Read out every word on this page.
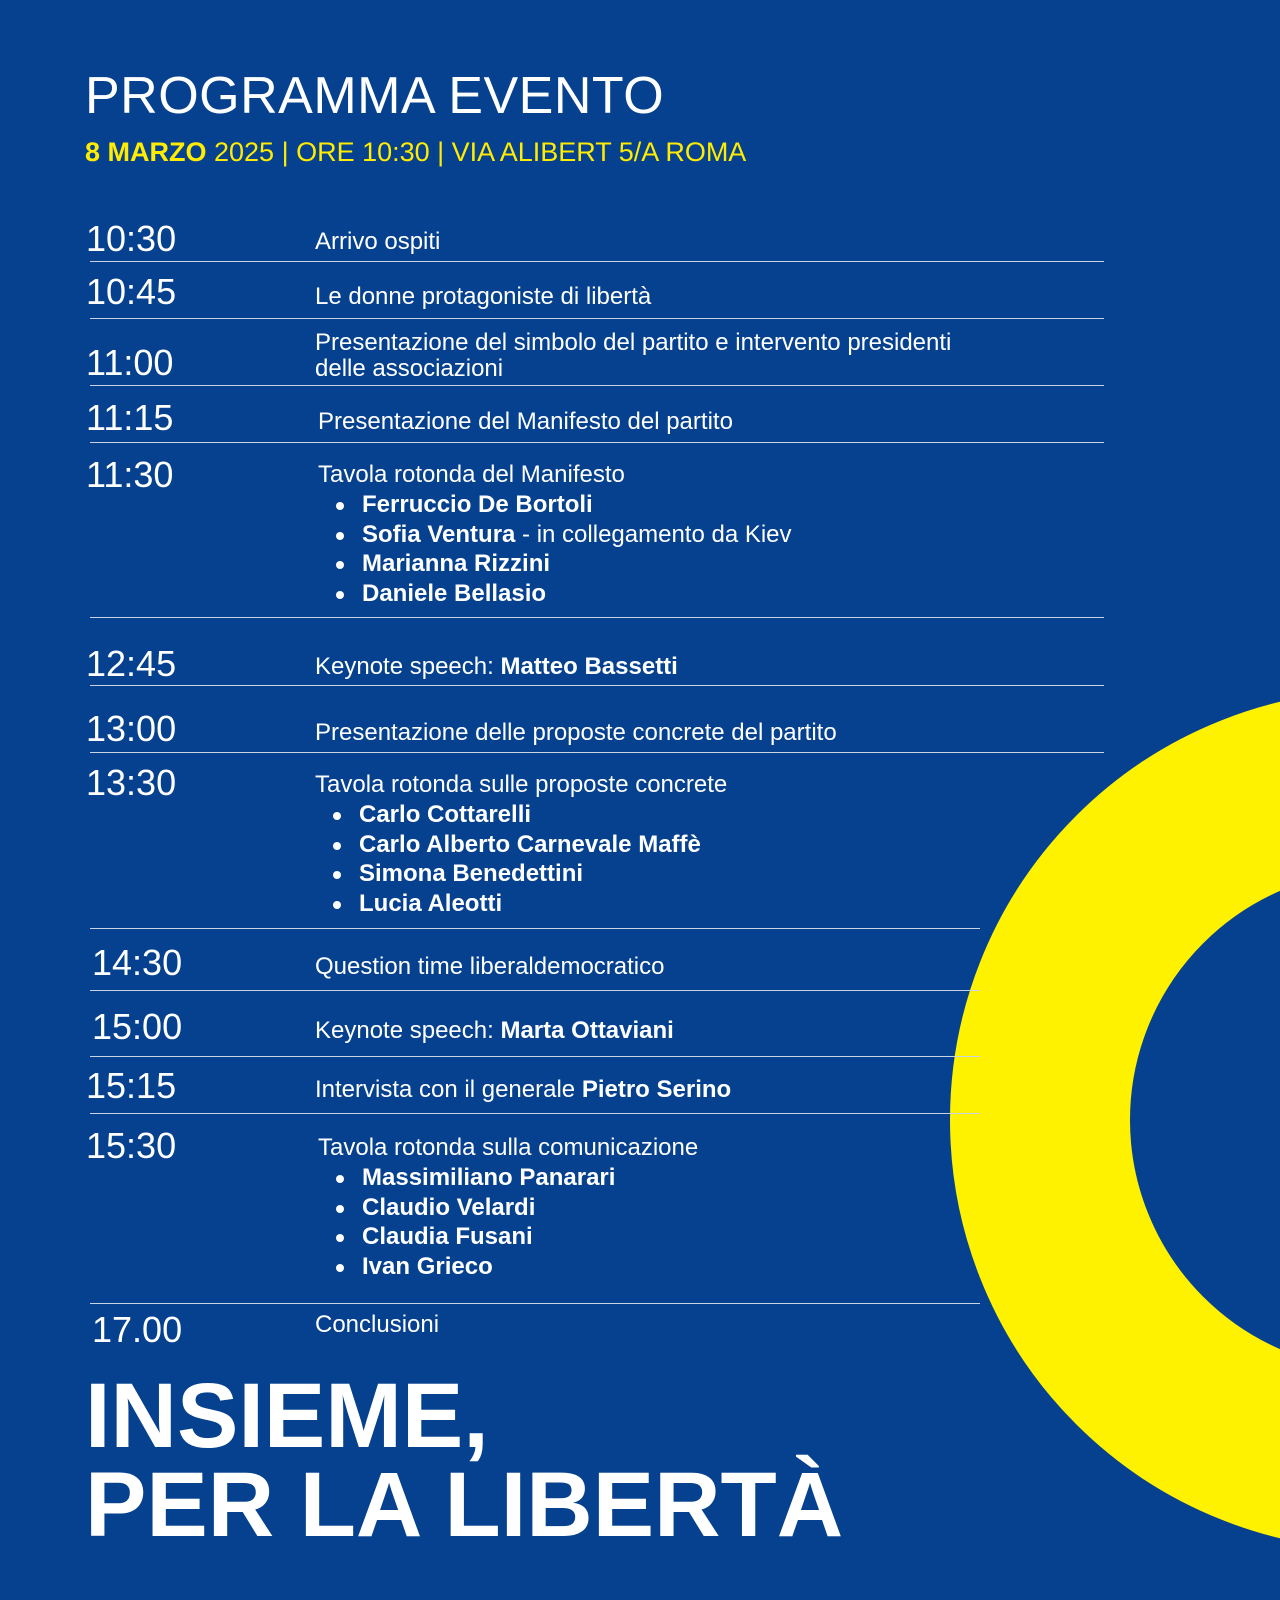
PROGRAMMA EVENTO
8 MARZO 2025 | ORE 10:30 | VIA ALIBERT 5/A ROMA
10:30	Arrivo ospiti
10:45	Le donne protagoniste di libertà
11:00	Presentazione del simbolo del partito e intervento presidenti
delle associazioni
11:15	Presentazione del Manifesto del partito
11:30	Tavola rotonda del Manifesto
Ferruccio De Bortoli
Sofia Ventura - in collegamento da Kiev
Marianna Rizzini
Daniele Bellasio
12:45	Keynote speech: Matteo Bassetti
13:00	Presentazione delle proposte concrete del partito
13:30	Tavola rotonda sulle proposte concrete
Carlo Cottarelli
Carlo Alberto Carnevale Maffè
Simona Benedettini
Lucia Aleotti
14:30	Question time liberaldemocratico
15:00	Keynote speech: Marta Ottaviani
15:15	Intervista con il generale Pietro Serino
15:30	Tavola rotonda sulla comunicazione
Massimiliano Panarari
Claudio Velardi
Claudia Fusani
Ivan Grieco
17.00	Conclusioni
INSIEME,
PER LA LIBERTÀ
